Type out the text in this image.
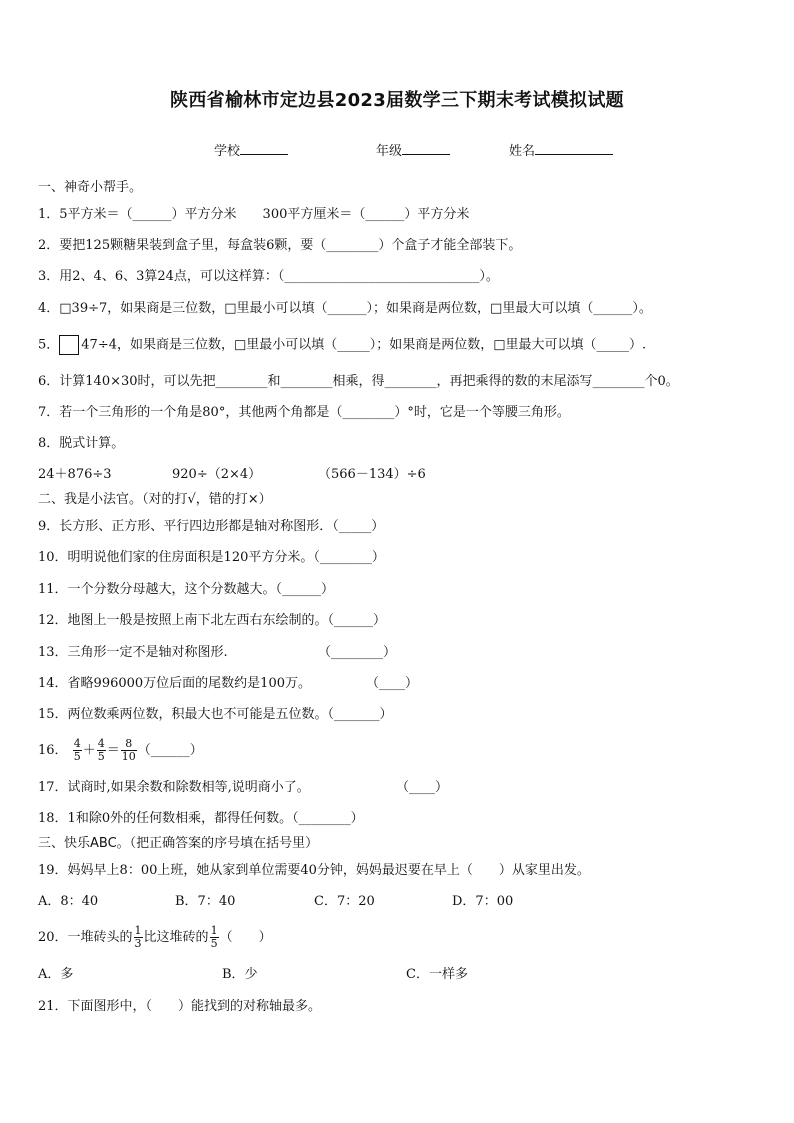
陕西省榆林市定边县2023届数学三下期末考试模拟试题
学校	年级	姓名
一、神奇小帮手。
1．5平方米＝（______）平方分米　　300平方厘米＝（______）平方分米
2．要把125颗糖果装到盒子里，每盒装6颗，要（________）个盒子才能全部装下。
3．用2、4、6、3算24点，可以这样算：（______________________________）。
4．□39÷7，如果商是三位数，□里最小可以填（______）；如果商是两位数，□里最大可以填（______）。
5． 47÷4，如果商是三位数，□里最小可以填（_____）；如果商是两位数，□里最大可以填（_____）.
6．计算140×30时，可以先把________和________相乘，得________，再把乘得的数的末尾添写________个0。
7．若一个三角形的一个角是80°，其他两个角都是（________）°时，它是一个等腰三角形。
8．脱式计算。
24＋876÷3	920÷（2×4）	（566－134）÷6
二、我是小法官。（对的打√，错的打×）
9．长方形、正方形、平行四边形都是轴对称图形．（_____）
10．明明说他们家的住房面积是120平方分米。（________）
11．一个分数分母越大，这个分数越大。（______）
12．地图上一般是按照上南下北左西右东绘制的。（______）
13．三角形一定不是轴对称图形.	（________）
14．省略996000万位后面的尾数约是100万。	（____）
15．两位数乘两位数，积最大也不可能是五位数。（_______）
16． $\frac{4}{5} + \frac{4}{5} = \frac{8}{10}$ （______）
17．试商时,如果余数和除数相等,说明商小了。	（____）
18．1和除0外的任何数相乘，都得任何数。（________）
三、快乐ABC。（把正确答案的序号填在括号里）
19．妈妈早上8：00上班，她从家到单位需要40分钟，妈妈最迟要在早上（　　）从家里出发。
A．8：40	B．7：40	C．7：20	D．7：00
20．一堆砖头的 $\frac{1}{3}$ 比这堆砖的 $\frac{1}{5}$ （　　）
A．多	B．少	C．一样多
21．下面图形中，（　　）能找到的对称轴最多。
